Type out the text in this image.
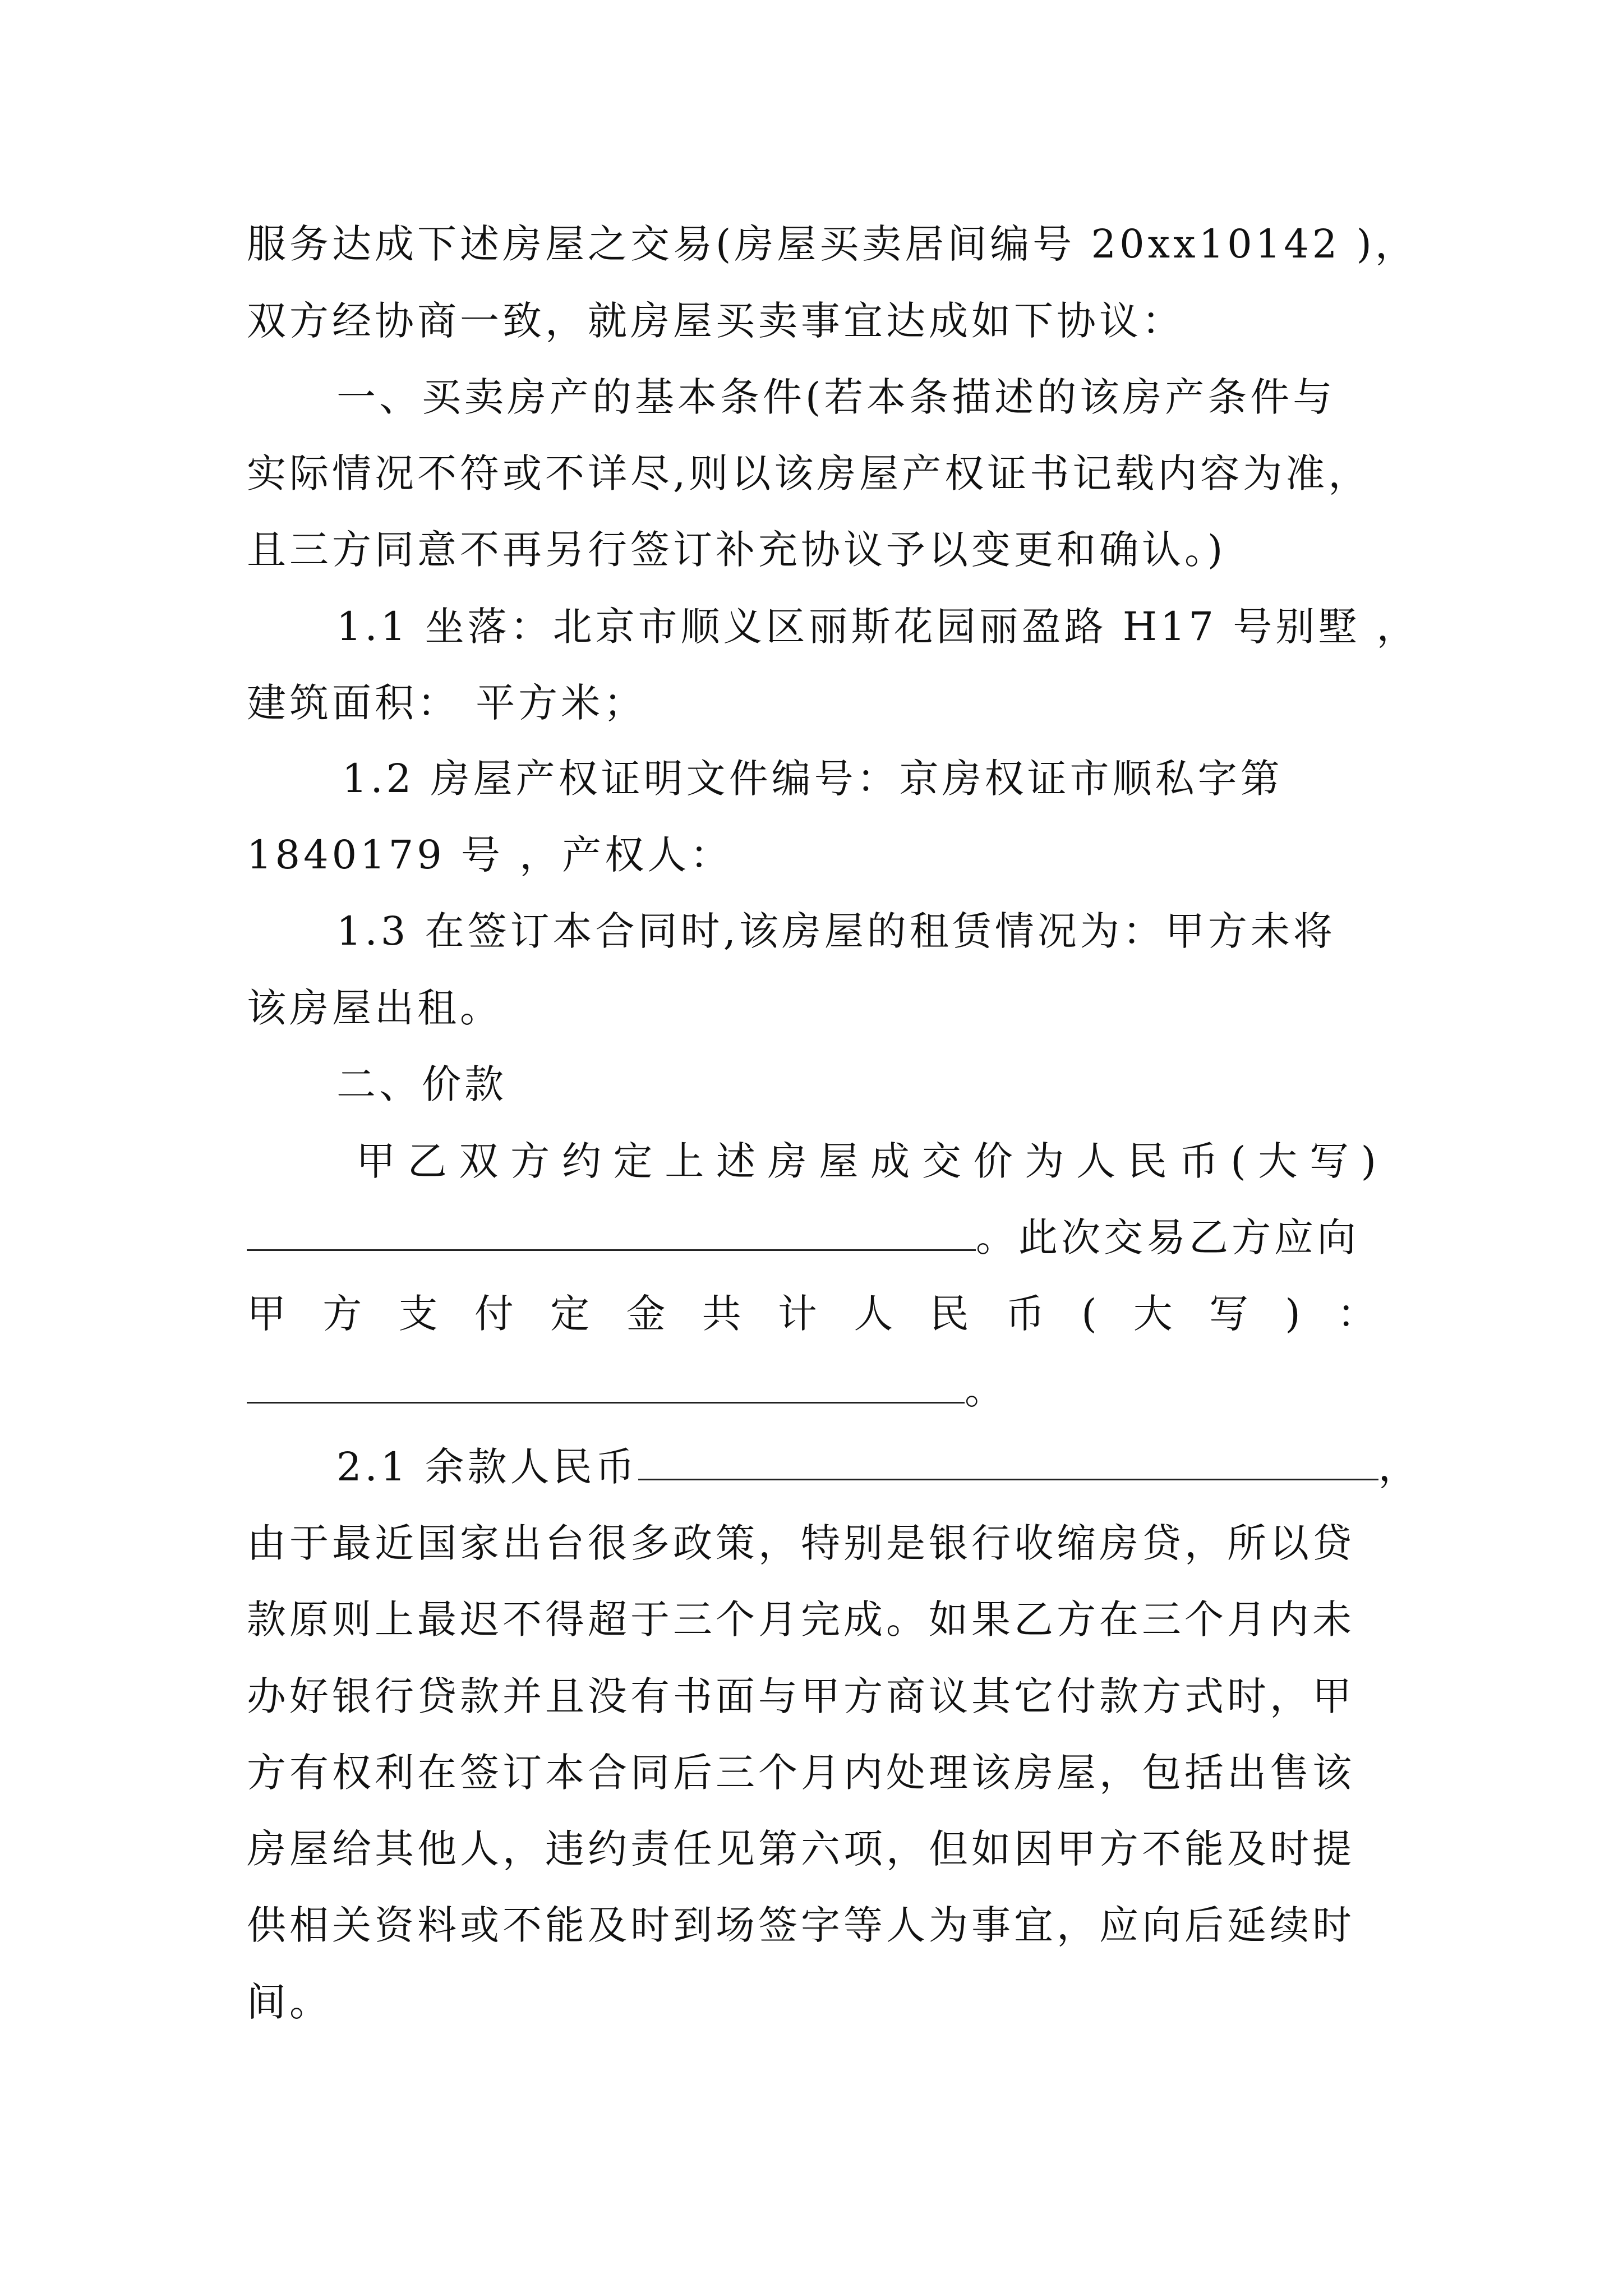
服务达成下述房屋之交易(房屋买卖居间编号 20xx10142 )，
双方经协商一致，就房屋买卖事宜达成如下协议：
一、买卖房产的基本条件(若本条描述的该房产条件与
实际情况不符或不详尽,则以该房屋产权证书记载内容为准，
且三方同意不再另行签订补充协议予以变更和确认。)
1.1 坐落：北京市顺义区丽斯花园丽盈路 H17 号别墅 ，
建筑面积： 平方米；
1.2 房屋产权证明文件编号：京房权证市顺私字第
1840179 号 ，产权人：
1.3 在签订本合同时,该房屋的租赁情况为：甲方未将
该房屋出租。
二、价款
甲乙双方约定上述房屋成交价为人民币(大写)
。此次交易乙方应向
甲方支付定金共计人民币(大写)：
。
2.1 余款人民币	，
由于最近国家出台很多政策，特别是银行收缩房贷，所以贷
款原则上最迟不得超于三个月完成。如果乙方在三个月内未
办好银行贷款并且没有书面与甲方商议其它付款方式时，甲
方有权利在签订本合同后三个月内处理该房屋，包括出售该
房屋给其他人，违约责任见第六项，但如因甲方不能及时提
供相关资料或不能及时到场签字等人为事宜，应向后延续时
间。
